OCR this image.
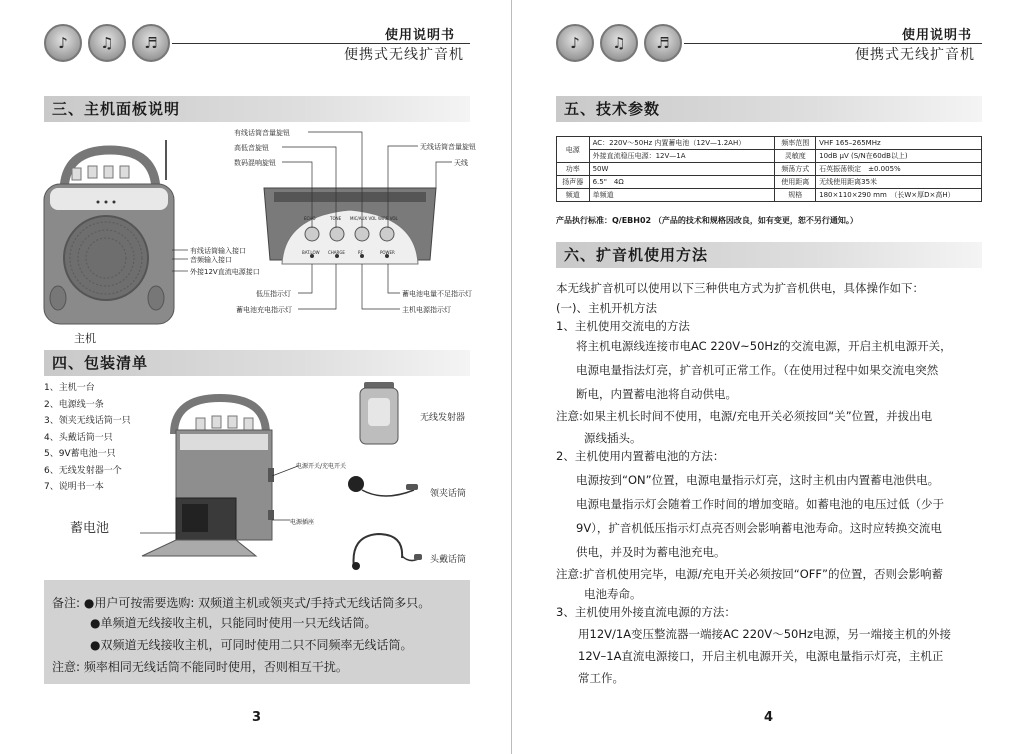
♪ ♫ ♬	使用说明书
便携式无线扩音机
三、主机面板说明
主机
ECHO	TONE MIC/AUX VOL WIRE VOL
BAT.LOW CHARGE	RF	POWER
有线话筒音量旋钮
高低音旋钮
数码混响旋钮
无线话筒音量旋钮
天线
有线话筒输入接口
音频输入接口
外接12V直流电源接口
低压指示灯
蓄电池充电指示灯
蓄电池电量不足指示灯
主机电源指示灯
四、包装清单
1、主机一台
2、电源线一条
3、领夹无线话筒一只
4、头戴话筒一只
5、9V蓄电池一只
6、无线发射器一个
7、说明书一本
蓄电池
电源开关/充电开关
电源插座
无线发射器
领夹话筒
头戴话筒
备注: ●用户可按需要选购: 双频道主机或领夹式/手持式无线话筒多只。
●单频道无线接收主机，只能同时使用一只无线话筒。
●双频道无线接收主机，可同时使用二只不同频率无线话筒。
注意: 频率相同无线话筒不能同时使用，否则相互干扰。
3
♪ ♫ ♬	使用说明书
便携式无线扩音机
五、技术参数
电源	AC：220V～50Hz 内置蓄电池（12V—1.2AH）	频率范围	VHF 165–265MHz
	外接直流稳压电源：12V—1A	灵敏度	10dB μV (S/N在60dB以上)
功率	50W	频荡方式	石英振荡锁定　±0.005%
扬声器	6.5"　4Ω	使用距离	无线使用距离35米
频道	单频道	规格	180×110×290 mm　（长W×厚D×高H）
产品执行标准：Q/EBH02 （产品的技术和规格因改良，如有变更，恕不另行通知。）
六、扩音机使用方法
本无线扩音机可以使用以下三种供电方式为扩音机供电，具体操作如下：
(一)、主机开机方法
1、主机使用交流电的方法
将主机电源线连接市电AC 220V~50Hz的交流电源，开启主机电源开关，
电源电量指法灯亮，扩音机可正常工作。（在使用过程中如果交流电突然
断电，内置蓄电池将自动供电。
注意:如果主机长时间不使用，电源/充电开关必须按回“关”位置，并拔出电
源线插头。
2、主机使用内置蓄电池的方法：
电源按到“ON”位置，电源电量指示灯亮，这时主机由内置蓄电池供电。
电源电量指示灯会随着工作时间的增加变暗。如蓄电池的电压过低（少于
9V），扩音机低压指示灯点亮否则会影响蓄电池寿命。这时应转换交流电
供电，并及时为蓄电池充电。
注意:扩音机使用完毕，电源/充电开关必须按回“OFF”的位置，否则会影响蓄
电池寿命。
3、主机使用外接直流电源的方法：
用12V/1A变压整流器一端接AC 220V～50Hz电源，另一端接主机的外接
12V–1A直流电源接口，开启主机电源开关，电源电量指示灯亮，主机正
常工作。
4
